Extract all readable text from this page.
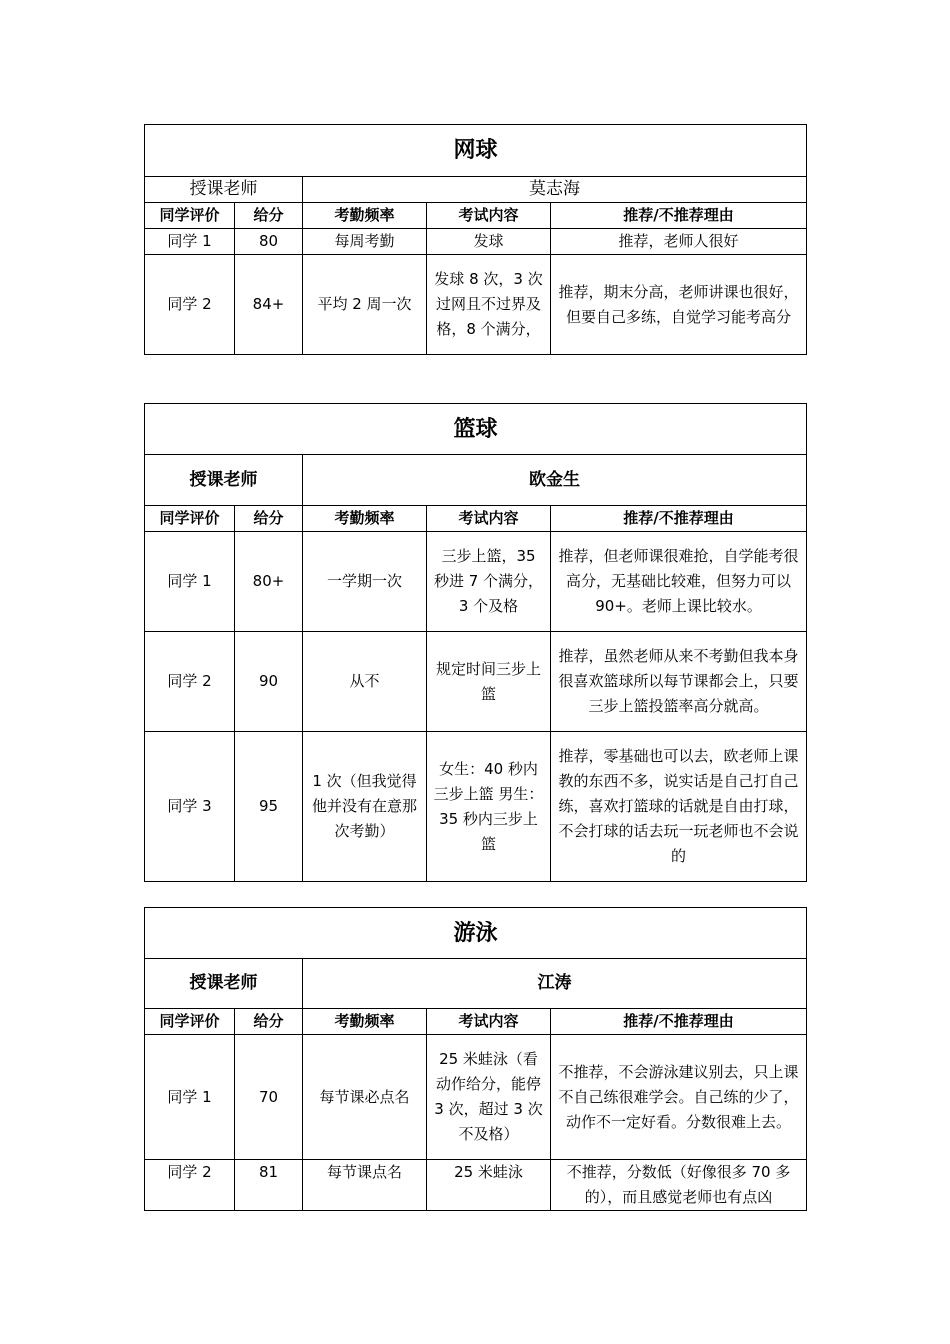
网球				
授课老师		莫志海		
同学评价	给分	考勤频率	考试内容	推荐/不推荐理由
同学 1	80	每周考勤	发球	推荐，老师人很好
同学 2	84+	平均 2 周一次	发球 8 次，3 次过网且不过界及格，8 个满分，	推荐，期末分高，老师讲课也很好，但要自己多练，自觉学习能考高分
篮球				
授课老师		欧金生		
同学评价	给分	考勤频率	考试内容	推荐/不推荐理由
同学 1	80+	一学期一次	三步上篮，35 秒进 7 个满分，3 个及格	推荐，但老师课很难抢，自学能考很高分，无基础比较难，但努力可以 90+。老师上课比较水。
同学 2	90	从不	规定时间三步上篮	推荐，虽然老师从来不考勤但我本身很喜欢篮球所以每节课都会上，只要三步上篮投篮率高分就高。
同学 3	95	1 次（但我觉得他并没有在意那次考勤）	女生：40 秒内三步上篮 男生：35 秒内三步上篮	推荐，零基础也可以去，欧老师上课教的东西不多，说实话是自己打自己练，喜欢打篮球的话就是自由打球，不会打球的话去玩一玩老师也不会说的
游泳				
授课老师		江涛		
同学评价	给分	考勤频率	考试内容	推荐/不推荐理由
同学 1	70	每节课必点名	25 米蛙泳（看动作给分，能停 3 次，超过 3 次不及格）	不推荐，不会游泳建议别去，只上课不自己练很难学会。自己练的少了，动作不一定好看。分数很难上去。
同学 2	81	每节课点名	25 米蛙泳	不推荐，分数低（好像很多 70 多的），而且感觉老师也有点凶
